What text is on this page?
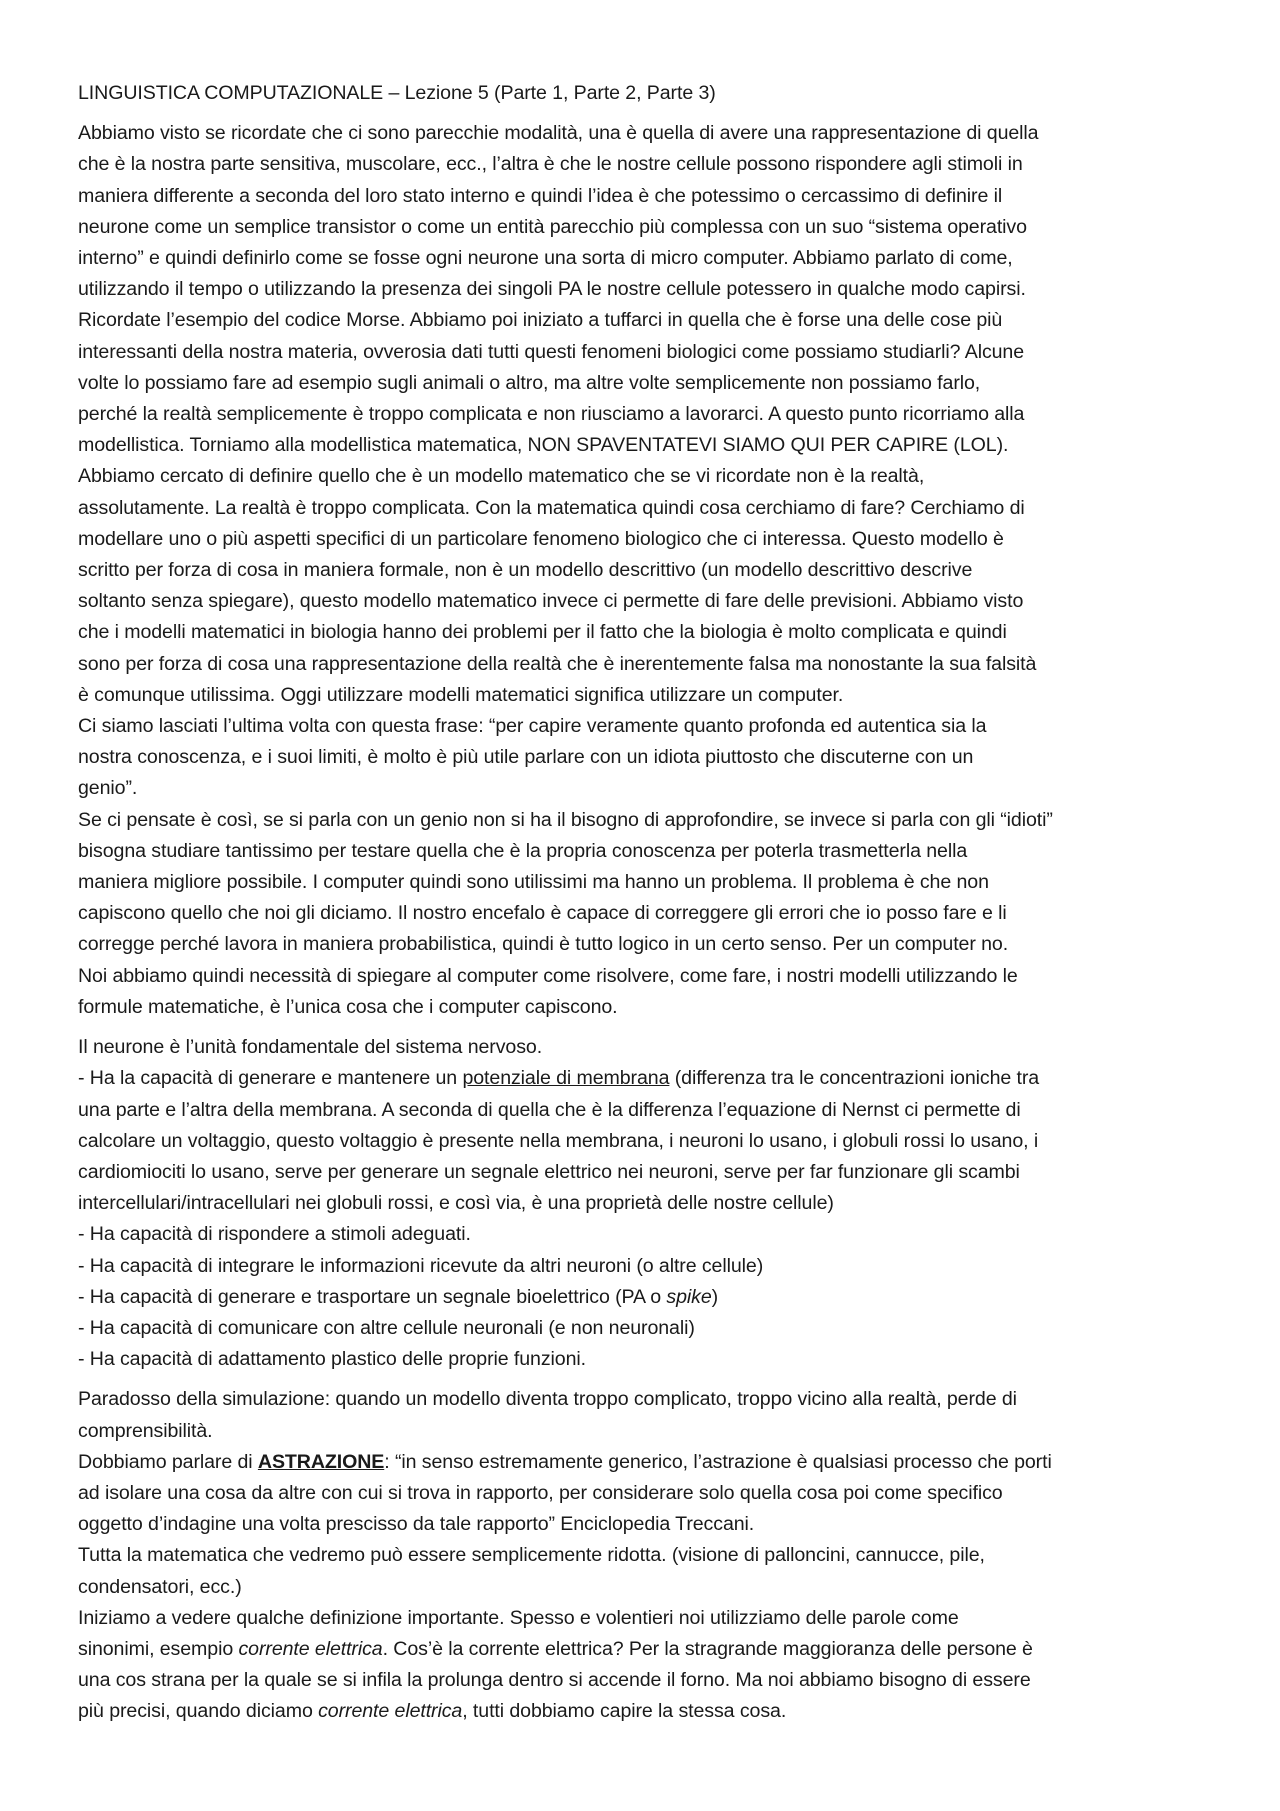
LINGUISTICA COMPUTAZIONALE – Lezione 5 (Parte 1, Parte 2, Parte 3)
Abbiamo visto se ricordate che ci sono parecchie modalità, una è quella di avere una rappresentazione di quella
che è la nostra parte sensitiva, muscolare, ecc., l’altra è che le nostre cellule possono rispondere agli stimoli in
maniera differente a seconda del loro stato interno e quindi l’idea è che potessimo o cercassimo di definire il
neurone come un semplice transistor o come un entità parecchio più complessa con un suo “sistema operativo
interno” e quindi definirlo come se fosse ogni neurone una sorta di micro computer. Abbiamo parlato di come,
utilizzando il tempo o utilizzando la presenza dei singoli PA le nostre cellule potessero in qualche modo capirsi.
Ricordate l’esempio del codice Morse. Abbiamo poi iniziato a tuffarci in quella che è forse una delle cose più
interessanti della nostra materia, ovverosia dati tutti questi fenomeni biologici come possiamo studiarli? Alcune
volte lo possiamo fare ad esempio sugli animali o altro, ma altre volte semplicemente non possiamo farlo,
perché la realtà semplicemente è troppo complicata e non riusciamo a lavorarci. A questo punto ricorriamo alla
modellistica. Torniamo alla modellistica matematica, NON SPAVENTATEVI SIAMO QUI PER CAPIRE (LOL).
Abbiamo cercato di definire quello che è un modello matematico che se vi ricordate non è la realtà,
assolutamente. La realtà è troppo complicata. Con la matematica quindi cosa cerchiamo di fare? Cerchiamo di
modellare uno o più aspetti specifici di un particolare fenomeno biologico che ci interessa. Questo modello è
scritto per forza di cosa in maniera formale, non è un modello descrittivo (un modello descrittivo descrive
soltanto senza spiegare), questo modello matematico invece ci permette di fare delle previsioni. Abbiamo visto
che i modelli matematici in biologia hanno dei problemi per il fatto che la biologia è molto complicata e quindi
sono per forza di cosa una rappresentazione della realtà che è inerentemente falsa ma nonostante la sua falsità
è comunque utilissima. Oggi utilizzare modelli matematici significa utilizzare un computer.
Ci siamo lasciati l’ultima volta con questa frase: “per capire veramente quanto profonda ed autentica sia la
nostra conoscenza, e i suoi limiti, è molto è più utile parlare con un idiota piuttosto che discuterne con un
genio”.
Se ci pensate è così, se si parla con un genio non si ha il bisogno di approfondire, se invece si parla con gli “idioti”
bisogna studiare tantissimo per testare quella che è la propria conoscenza per poterla trasmetterla nella
maniera migliore possibile. I computer quindi sono utilissimi ma hanno un problema. Il problema è che non
capiscono quello che noi gli diciamo. Il nostro encefalo è capace di correggere gli errori che io posso fare e li
corregge perché lavora in maniera probabilistica, quindi è tutto logico in un certo senso. Per un computer no.
Noi abbiamo quindi necessità di spiegare al computer come risolvere, come fare, i nostri modelli utilizzando le
formule matematiche, è l’unica cosa che i computer capiscono.
Il neurone è l’unità fondamentale del sistema nervoso.
- Ha la capacità di generare e mantenere un potenziale di membrana (differenza tra le concentrazioni ioniche tra
una parte e l’altra della membrana. A seconda di quella che è la differenza l’equazione di Nernst ci permette di
calcolare un voltaggio, questo voltaggio è presente nella membrana, i neuroni lo usano, i globuli rossi lo usano, i
cardiomiociti lo usano, serve per generare un segnale elettrico nei neuroni, serve per far funzionare gli scambi
intercellulari/intracellulari nei globuli rossi, e così via, è una proprietà delle nostre cellule)
- Ha capacità di rispondere a stimoli adeguati.
- Ha capacità di integrare le informazioni ricevute da altri neuroni (o altre cellule)
- Ha capacità di generare e trasportare un segnale bioelettrico (PA o spike)
- Ha capacità di comunicare con altre cellule neuronali (e non neuronali)
- Ha capacità di adattamento plastico delle proprie funzioni.
Paradosso della simulazione: quando un modello diventa troppo complicato, troppo vicino alla realtà, perde di
comprensibilità.
Dobbiamo parlare di ASTRAZIONE: “in senso estremamente generico, l’astrazione è qualsiasi processo che porti
ad isolare una cosa da altre con cui si trova in rapporto, per considerare solo quella cosa poi come specifico
oggetto d’indagine una volta prescisso da tale rapporto” Enciclopedia Treccani.
Tutta la matematica che vedremo può essere semplicemente ridotta. (visione di palloncini, cannucce, pile,
condensatori, ecc.)
Iniziamo a vedere qualche definizione importante. Spesso e volentieri noi utilizziamo delle parole come
sinonimi, esempio corrente elettrica. Cos’è la corrente elettrica? Per la stragrande maggioranza delle persone è
una cos strana per la quale se si infila la prolunga dentro si accende il forno. Ma noi abbiamo bisogno di essere
più precisi, quando diciamo corrente elettrica, tutti dobbiamo capire la stessa cosa.
